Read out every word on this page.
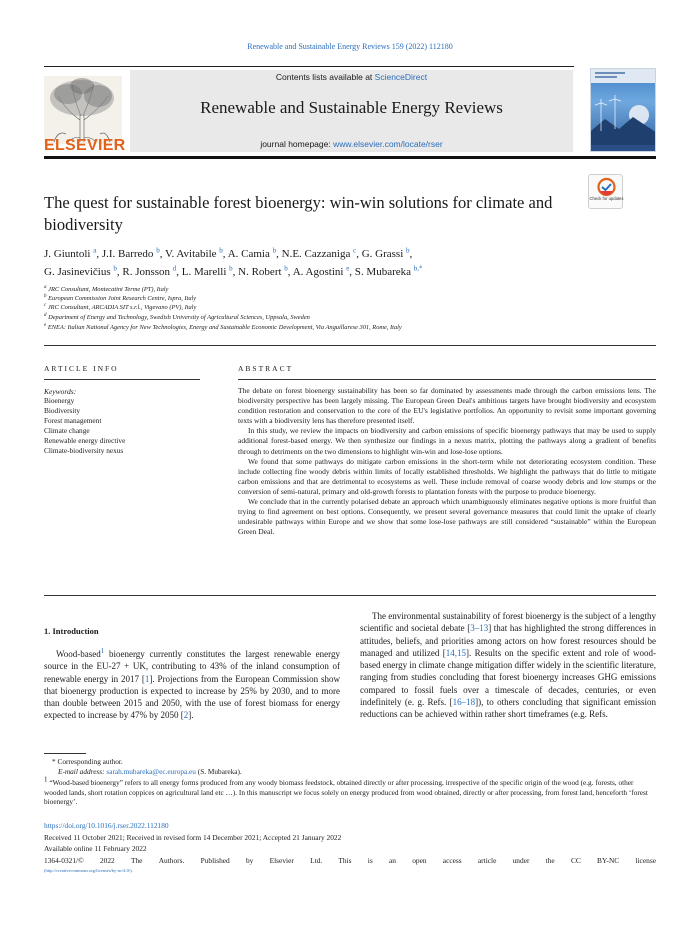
Renewable and Sustainable Energy Reviews 159 (2022) 112180
ELSEVIER
Contents lists available at ScienceDirect
Renewable and Sustainable Energy Reviews
journal homepage: www.elsevier.com/locate/rser
The quest for sustainable forest bioenergy: win-win solutions for climate and biodiversity
Check for updates
J. Giuntoli $^a$, J.I. Barredo $^b$, V. Avitabile $^b$, A. Camia $^b$, N.E. Cazzaniga $^c$, G. Grassi $^b$,
G. Jasinevičius $^b$, R. Jonsson $^d$, L. Marelli $^b$, N. Robert $^b$, A. Agostini $^e$, S. Mubareka $^{b,*}$
$^a$ JRC Consultant, Montecatini Terme (PT), Italy
$^b$ European Commission Joint Research Centre, Ispra, Italy
$^c$ JRC Consultant, ARCADIA SIT s.r.l., Vigevano (PV), Italy
$^d$ Department of Energy and Technology, Swedish University of Agricultural Sciences, Uppsala, Sweden
$^e$ ENEA: Italian National Agency for New Technologies, Energy and Sustainable Economic Development, Via Anguillarese 301, Rome, Italy
ARTICLE INFO
Keywords:
Bioenergy
Biodiversity
Forest management
Climate change
Renewable energy directive
Climate-biodiversity nexus
ABSTRACT

The debate on forest bioenergy sustainability has been so far dominated by assessments made through the carbon emissions lens. The biodiversity perspective has been largely missing. The European Green Deal's ambitious targets have brought biodiversity and ecosystem condition restoration and conservation to the core of the EU's legislative portfolios. An opportunity to revisit some important governing texts with a biodiversity lens has therefore presented itself.

In this study, we review the impacts on biodiversity and carbon emissions of specific bioenergy pathways that may be used to supply additional forest-based energy. We then synthesize our findings in a nexus matrix, plotting the pathways along a gradient of benefits through to detriments on the two dimensions to highlight win-win and lose-lose options.

We found that some pathways do mitigate carbon emissions in the short-term while not deteriorating ecosystem condition. These include collecting fine woody debris within limits of locally established thresholds. We highlight the pathways that do little to mitigate carbon emissions and that are detrimental to ecosystems as well. These include removal of coarse woody debris and low stumps or the conversion of semi-natural, primary and old-growth forests to plantation forests with the purpose to produce bioenergy.

We conclude that in the currently polarised debate an approach which unambiguously eliminates negative options is more fruitful than trying to find agreement on best options. Consequently, we present several governance measures that could limit the uptake of clearly undesirable pathways within Europe and we show that some lose-lose pathways are still considered “sustainable” within the European Green Deal.

1. Introduction
Wood-based$^1$ bioenergy currently constitutes the largest renewable energy source in the EU-27 + UK, contributing to 43% of the inland consumption of renewable energy in 2017 [1]. Projections from the European Commission show that bioenergy production is expected to increase by 25% by 2030, and to more than double between 2015 and 2050, with the use of forest biomass for energy expected to increase by 47% by 2050 [2].
The environmental sustainability of forest bioenergy is the subject of a lengthy scientific and societal debate [3–13] that has highlighted the strong differences in attitudes, beliefs, and priorities among actors on how forest resources should be managed and utilized [14,15]. Results on the specific extent and role of wood-based energy in climate change mitigation differ widely in the scientific literature, ranging from studies concluding that forest bioenergy increases GHG emissions compared to fossil fuels over a timescale of decades, centuries, or even indefinitely (e. g. Refs. [16–18]), to others concluding that significant emission reductions can be achieved within rather short timeframes (e.g. Refs.
* Corresponding author.
E-mail address: sarah.mubareka@ec.europa.eu (S. Mubareka).
$^1$ “Wood-based bioenergy” refers to all energy forms produced from any woody biomass feedstock, obtained directly or after processing, irrespective of the specific origin of the wood (e.g. forests, other wooded lands, short rotation coppices on agricultural land etc …). In this manuscript we focus solely on energy produced from wood obtained, directly or after processing, from forest land, henceforth ‘forest bioenergy’.
https://doi.org/10.1016/j.rser.2022.112180
Received 11 October 2021; Received in revised form 14 December 2021; Accepted 21 January 2022
Available online 11 February 2022
1364-0321/© 2022 The Authors. Published by Elsevier Ltd. This is an open access article under the CC BY-NC license
(http://creativecommons.org/licenses/by-nc/4.0/).
